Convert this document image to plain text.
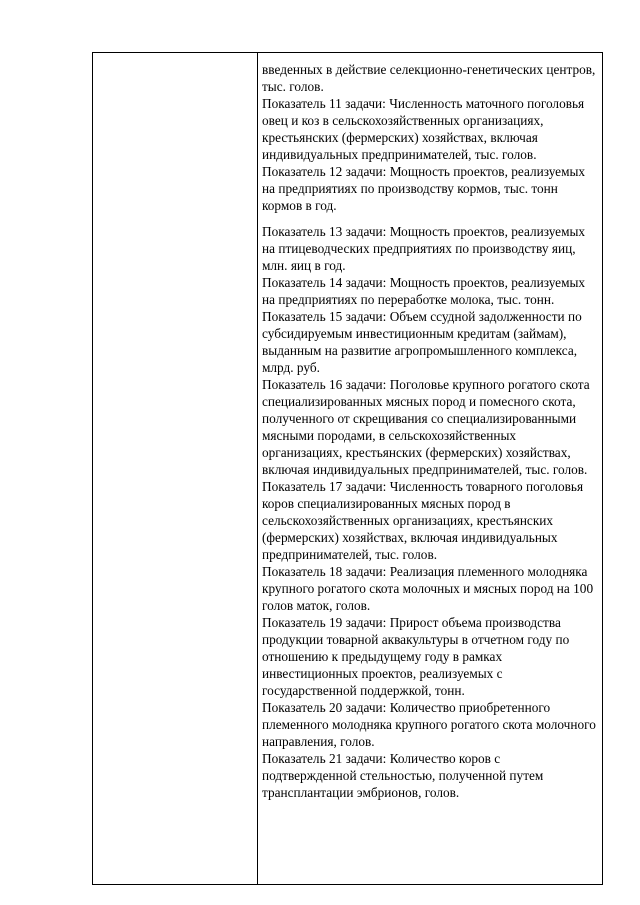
введенных в действие селекционно-генетических центров, тыс. голов.

Показатель 11 задачи: Численность маточного поголовья овец и коз в сельскохозяйственных организациях, крестьянских (фермерских) хозяйствах, включая индивидуальных предпринимателей, тыс. голов.

Показатель 12 задачи: Мощность проектов, реализуемых на предприятиях по производству кормов, тыс. тонн кормов в год.

Показатель 13 задачи: Мощность проектов, реализуемых на птицеводческих предприятиях по производству яиц, млн. яиц в год.

Показатель 14 задачи: Мощность проектов, реализуемых на предприятиях по переработке молока, тыс. тонн.

Показатель 15 задачи: Объем ссудной задолженности по субсидируемым инвестиционным кредитам (займам), выданным на развитие агропромышленного комплекса, млрд. руб.

Показатель 16 задачи: Поголовье крупного рогатого скота специализированных мясных пород и помесного скота, полученного от скрещивания со специализированными мясными породами, в сельскохозяйственных организациях, крестьянских (фермерских) хозяйствах, включая индивидуальных предпринимателей, тыс. голов.

Показатель 17 задачи: Численность товарного поголовья коров специализированных мясных пород в сельскохозяйственных организациях, крестьянских (фермерских) хозяйствах, включая индивидуальных предпринимателей, тыс. голов.

Показатель 18 задачи: Реализация племенного молодняка крупного рогатого скота молочных и мясных пород на 100 голов маток, голов.

Показатель 19 задачи: Прирост объема производства продукции товарной аквакультуры в отчетном году по отношению к предыдущему году в рамках инвестиционных проектов, реализуемых с государственной поддержкой, тонн.

Показатель 20 задачи: Количество приобретенного племенного молодняка крупного рогатого скота молочного направления, голов.

Показатель 21 задачи: Количество коров с подтвержденной стельностью, полученной путем трансплантации эмбрионов, голов.
